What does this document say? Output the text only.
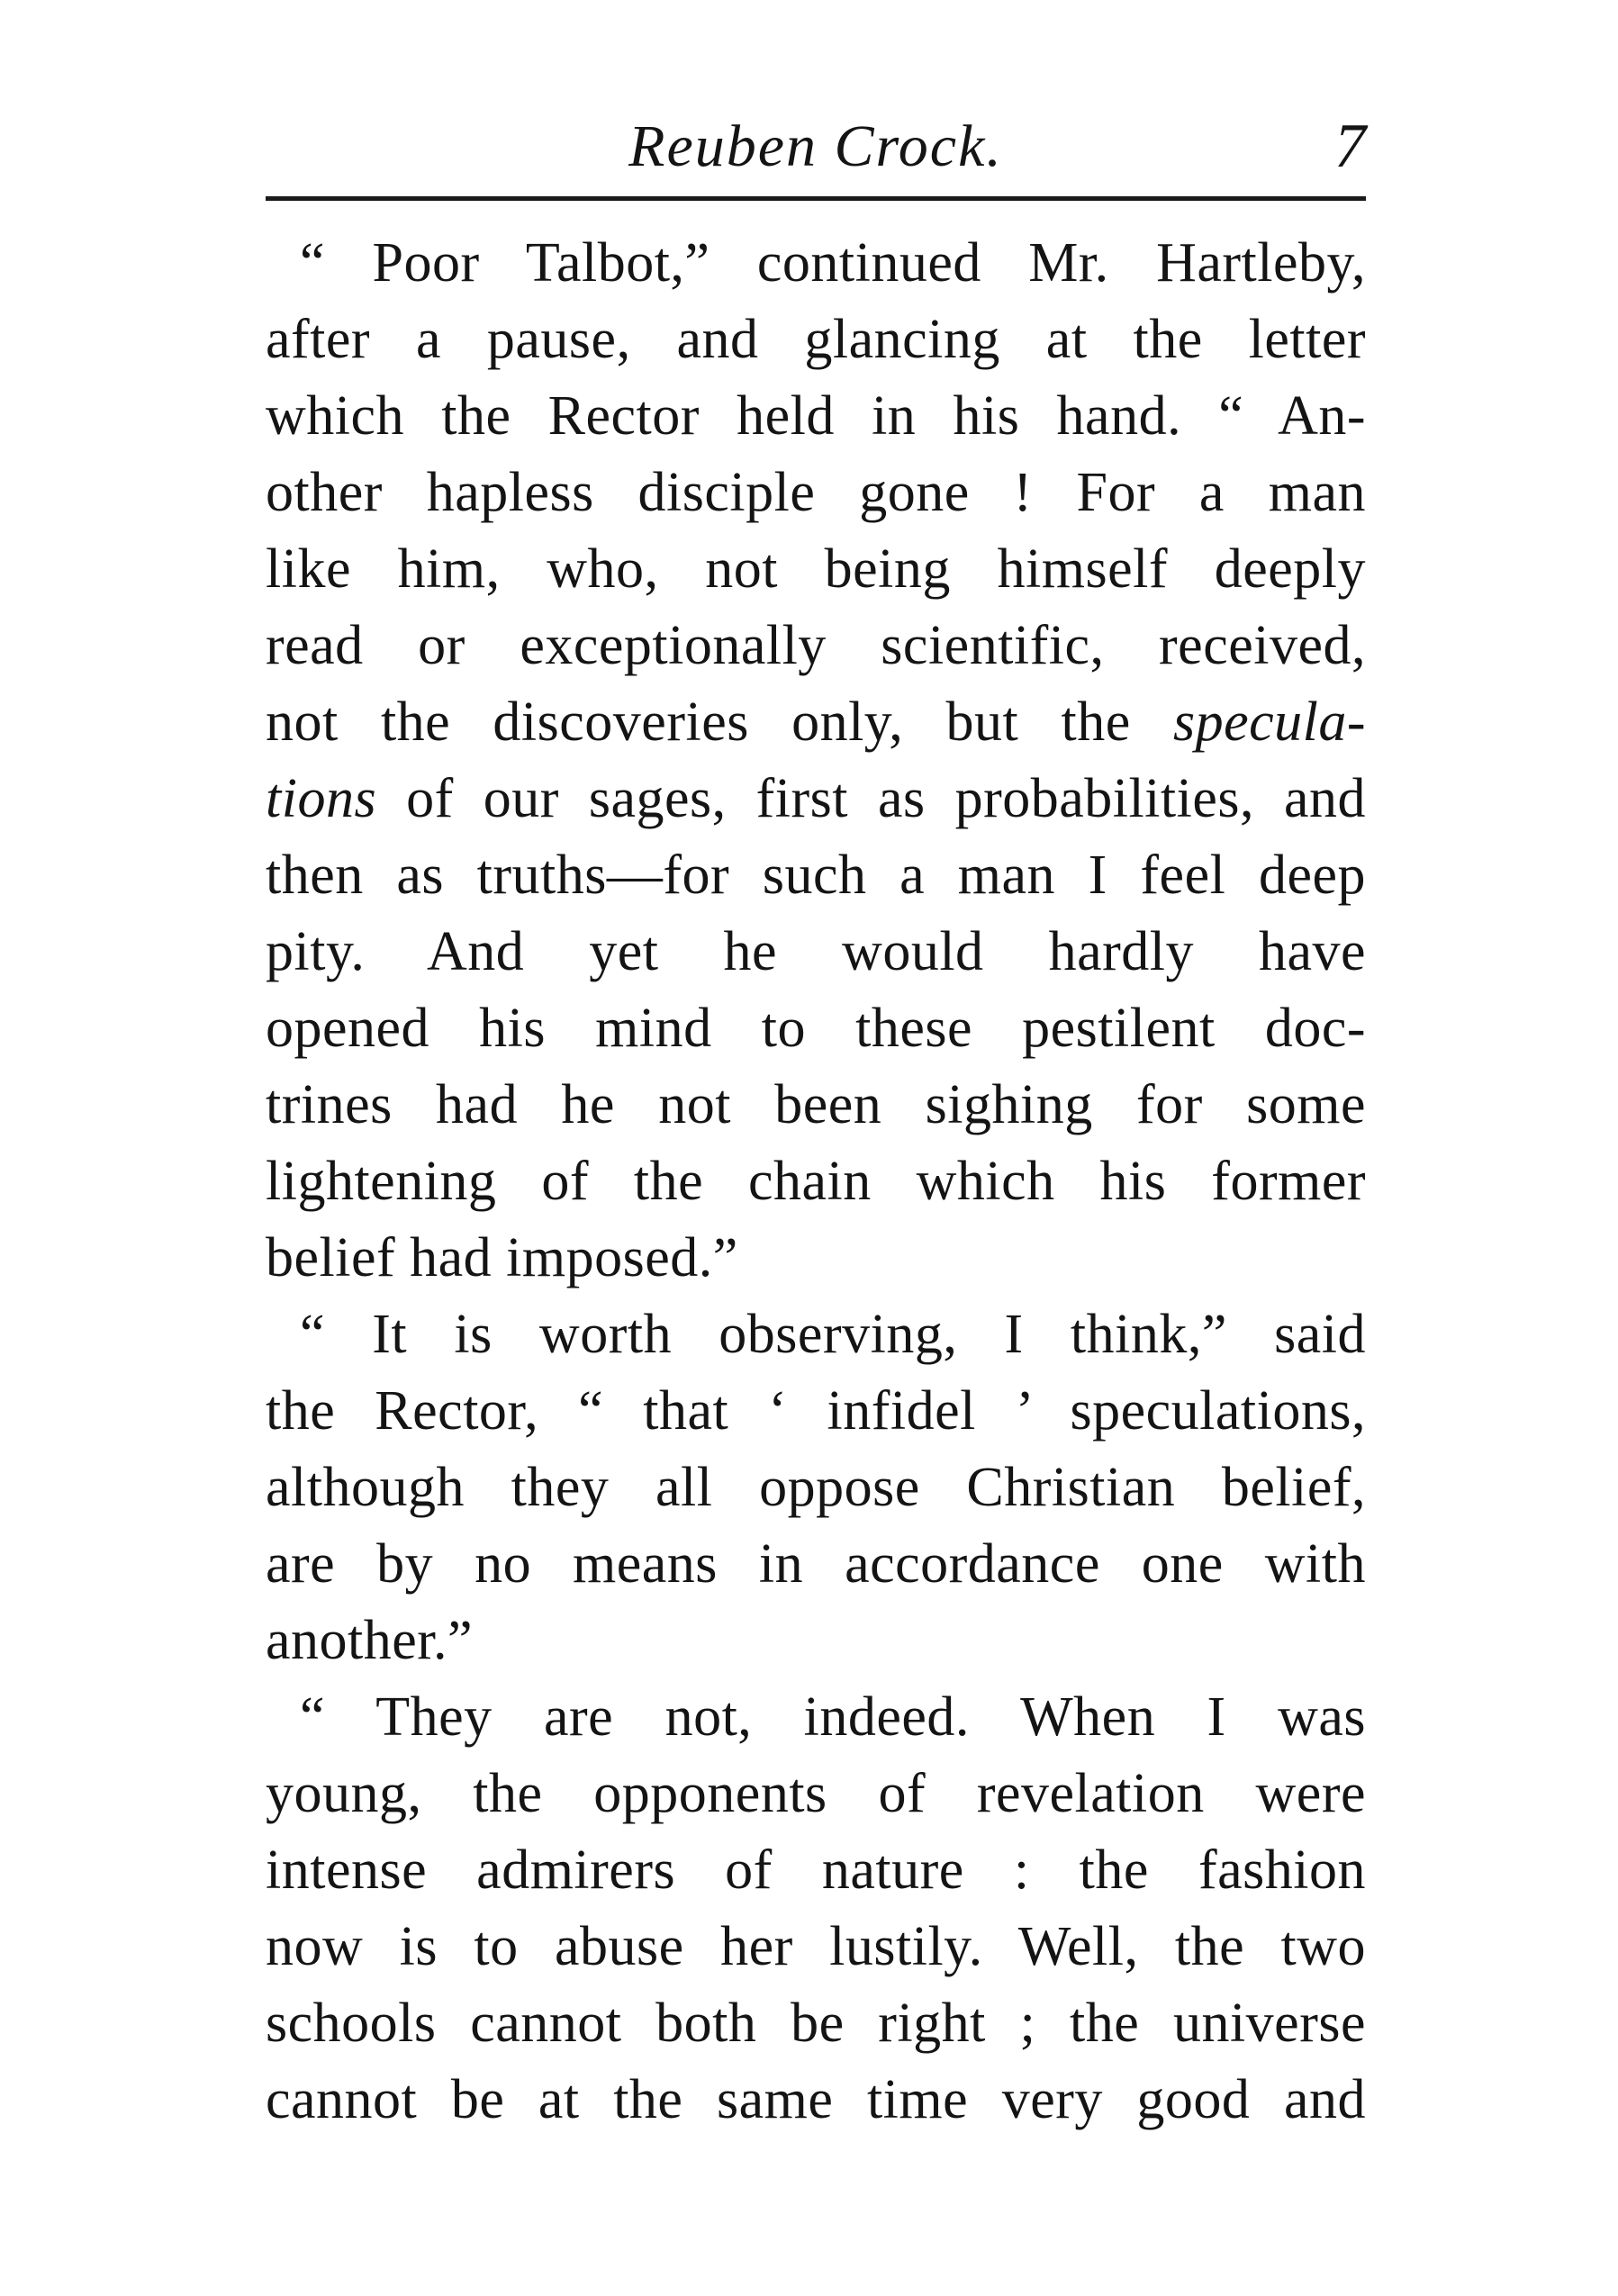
Reuben Crock.	7
“ Poor Talbot,” continued Mr. Hartleby,
after a pause, and glancing at the letter
which the Rector held in his hand. “ An-
other hapless disciple gone ! For a man
like him, who, not being himself deeply
read or exceptionally scientific, received,
not the discoveries only, but the specula-
tions of our sages, first as probabilities, and
then as truths—for such a man I feel deep
pity. And yet he would hardly have
opened his mind to these pestilent doc-
trines had he not been sighing for some
lightening of the chain which his former
belief had imposed.”
“ It is worth observing, I think,” said
the Rector, “ that ‘ infidel ’ speculations,
although they all oppose Christian belief,
are by no means in accordance one with
another.”
“ They are not, indeed. When I was
young, the opponents of revelation were
intense admirers of nature : the fashion
now is to abuse her lustily. Well, the two
schools cannot both be right ; the universe
cannot be at the same time very good and
